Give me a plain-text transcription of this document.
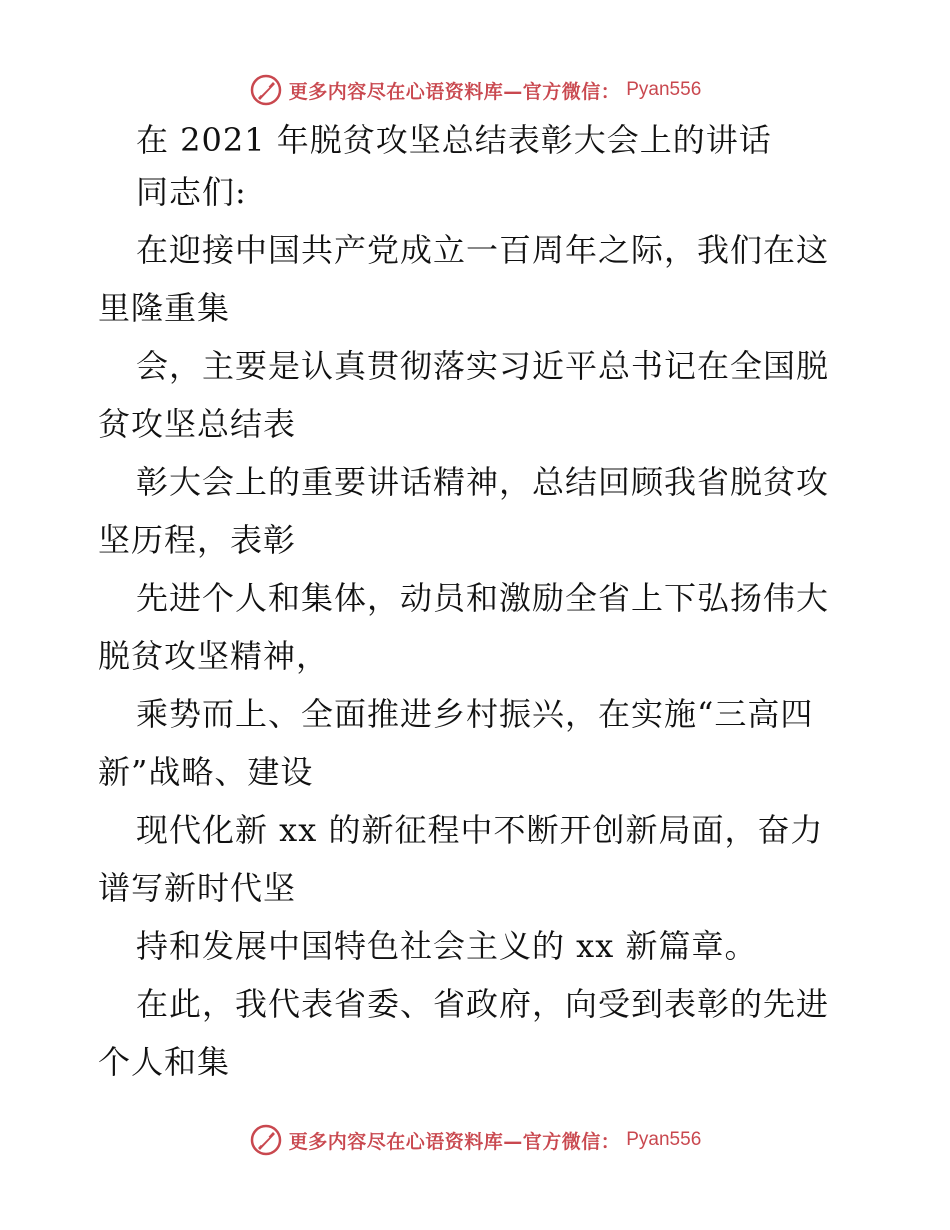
更多内容尽在心语资料库—官方微信： Pyan556
在 2021 年脱贫攻坚总结表彰大会上的讲话
同志们:
在迎接中国共产党成立一百周年之际，我们在这
里隆重集
会，主要是认真贯彻落实习近平总书记在全国脱
贫攻坚总结表
彰大会上的重要讲话精神，总结回顾我省脱贫攻
坚历程，表彰
先进个人和集体，动员和激励全省上下弘扬伟大
脱贫攻坚精神，
乘势而上、全面推进乡村振兴，在实施“三高四
新”战略、建设
现代化新 xx 的新征程中不断开创新局面，奋力
谱写新时代坚
持和发展中国特色社会主义的 xx 新篇章。
在此，我代表省委、省政府，向受到表彰的先进
个人和集
更多内容尽在心语资料库—官方微信： Pyan556
